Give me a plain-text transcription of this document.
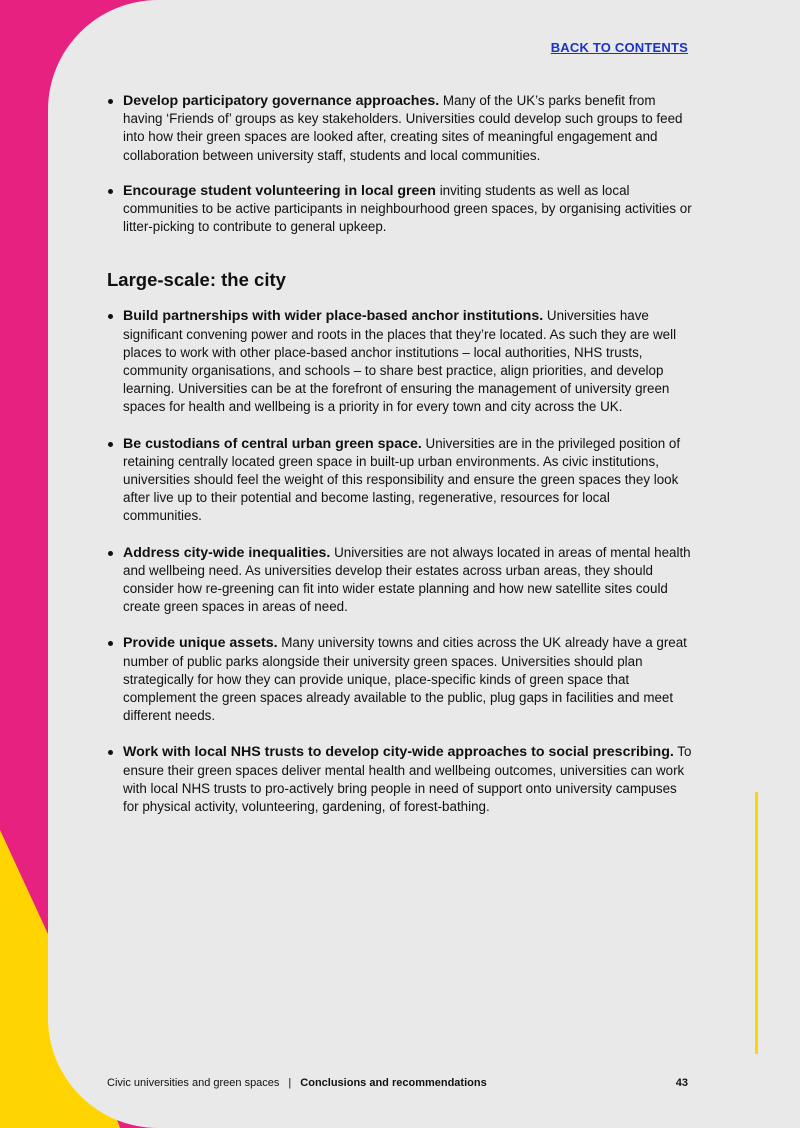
BACK TO CONTENTS
Develop participatory governance approaches. Many of the UK’s parks benefit from having ‘Friends of’ groups as key stakeholders. Universities could develop such groups to feed into how their green spaces are looked after, creating sites of meaningful engagement and collaboration between university staff, students and local communities.
Encourage student volunteering in local green inviting students as well as local communities to be active participants in neighbourhood green spaces, by organising activities or litter-picking to contribute to general upkeep.
Large-scale: the city
Build partnerships with wider place-based anchor institutions. Universities have significant convening power and roots in the places that they’re located. As such they are well places to work with other place-based anchor institutions – local authorities, NHS trusts, community organisations, and schools – to share best practice, align priorities, and develop learning. Universities can be at the forefront of ensuring the management of university green spaces for health and wellbeing is a priority in for every town and city across the UK.
Be custodians of central urban green space. Universities are in the privileged position of retaining centrally located green space in built-up urban environments. As civic institutions, universities should feel the weight of this responsibility and ensure the green spaces they look after live up to their potential and become lasting, regenerative, resources for local communities.
Address city-wide inequalities. Universities are not always located in areas of mental health and wellbeing need. As universities develop their estates across urban areas, they should consider how re-greening can fit into wider estate planning and how new satellite sites could create green spaces in areas of need.
Provide unique assets. Many university towns and cities across the UK already have a great number of public parks alongside their university green spaces. Universities should plan strategically for how they can provide unique, place-specific kinds of green space that complement the green spaces already available to the public, plug gaps in facilities and meet different needs.
Work with local NHS trusts to develop city-wide approaches to social prescribing. To ensure their green spaces deliver mental health and wellbeing outcomes, universities can work with local NHS trusts to pro-actively bring people in need of support onto university campuses for physical activity, volunteering, gardening, of forest-bathing.
Civic universities and green spaces | Conclusions and recommendations	43
